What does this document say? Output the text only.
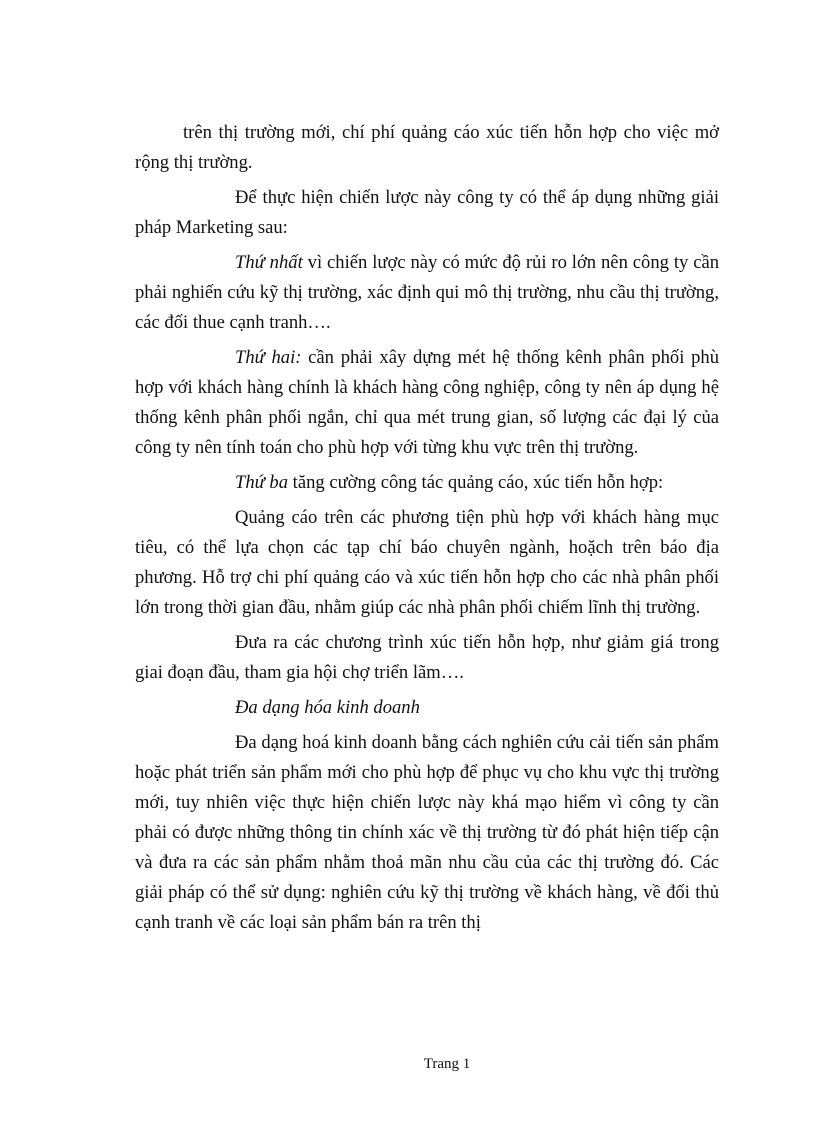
trên thị trường mới, chí phí quảng cáo xúc tiến hỗn hợp cho việc mở rộng thị trường.

Để thực hiện chiến lược này công ty có thể áp dụng những giải pháp Marketing sau:

Thứ nhất vì chiến lược này có mức độ rủi ro lớn nên công ty cần phải nghiến cứu kỹ thị trường, xác định qui mô thị trường, nhu cầu thị trường, các đối thue cạnh tranh….

Thứ hai: cần phải xây dựng mét hệ thống kênh phân phối phù hợp với khách hàng chính là khách hàng công nghiệp, công ty nên áp dụng hệ thống kênh phân phối ngắn, chỉ qua mét trung gian, số lượng các đại lý của công ty nên tính toán cho phù hợp với từng khu vực trên thị trường.

Thứ ba tăng cường công tác quảng cáo, xúc tiến hỗn hợp:

Quảng cáo trên các phương tiện phù hợp với khách hàng mục tiêu, có thể lựa chọn các tạp chí báo chuyên ngành, hoặch trên báo địa phương. Hỗ trợ chi phí quảng cáo và xúc tiến hỗn hợp cho các nhà phân phối lớn trong thời gian đầu, nhằm giúp các nhà phân phối chiếm lĩnh thị trường.

Đưa ra các chương trình xúc tiến hỗn hợp, như giảm giá trong giai đoạn đầu, tham gia hội chợ triển lãm….

Đa dạng hóa kinh doanh

Đa dạng hoá kinh doanh bằng cách nghiên cứu cải tiến sản phẩm hoặc phát triển sản phẩm mới cho phù hợp để phục vụ cho khu vực thị trường mới, tuy nhiên việc thực hiện chiến lược này khá mạo hiểm vì công ty cần phải có được những thông tin chính xác về thị trường từ đó phát hiện tiếp cận và đưa ra các sản phẩm nhằm thoả mãn nhu cầu của các thị trường đó. Các giải pháp có thể sử dụng: nghiên cứu kỹ thị trường về khách hàng, về đối thủ cạnh tranh về các loại sản phẩm bán ra trên thị

Trang 1
